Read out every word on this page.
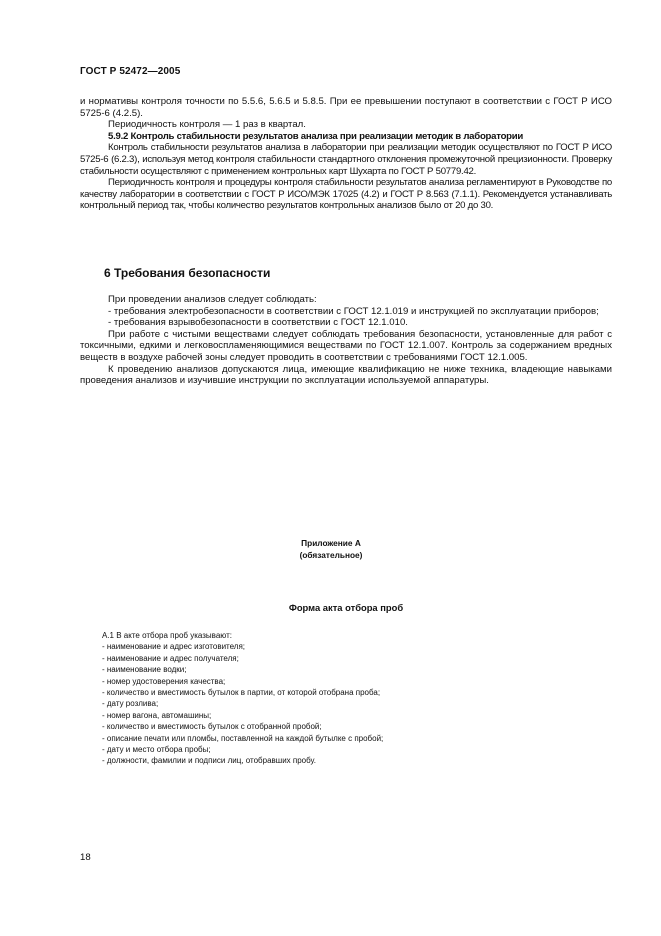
ГОСТ Р 52472—2005

и нормативы контроля точности по 5.5.6, 5.6.5 и 5.8.5. При ее превышении поступают в соответствии с ГОСТ Р ИСО 5725-6 (4.2.5).

Периодичность контроля — 1 раз в квартал.

5.9.2 Контроль стабильности результатов анализа при реализации методик в лаборатории

Контроль стабильности результатов анализа в лаборатории при реализации методик осуществляют по ГОСТ Р ИСО 5725-6 (6.2.3), используя метод контроля стабильности стандартного отклонения промежуточной прецизионности. Проверку стабильности осуществляют с применением контрольных карт Шухарта по ГОСТ Р 50779.42.

Периодичность контроля и процедуры контроля стабильности результатов анализа регламентируют в Руководстве по качеству лаборатории в соответствии с ГОСТ Р ИСО/МЭК 17025 (4.2) и ГОСТ Р 8.563 (7.1.1). Рекомендуется устанавливать контрольный период так, чтобы количество результатов контрольных анализов было от 20 до 30.

6 Требования безопасности

При проведении анализов следует соблюдать:

- требования электробезопасности в соответствии с ГОСТ 12.1.019 и инструкцией по эксплуатации приборов;

- требования взрывобезопасности в соответствии с ГОСТ 12.1.010.

При работе с чистыми веществами следует соблюдать требования безопасности, установленные для работ с токсичными, едкими и легковоспламеняющимися веществами по ГОСТ 12.1.007. Контроль за содержанием вредных веществ в воздухе рабочей зоны следует проводить в соответствии с требованиями ГОСТ 12.1.005.

К проведению анализов допускаются лица, имеющие квалификацию не ниже техника, владеющие навыками проведения анализов и изучившие инструкции по эксплуатации используемой аппаратуры.

Приложение А
(обязательное)
Форма акта отбора проб

А.1 В акте отбора проб указывают:

- наименование и адрес изготовителя;

- наименование и адрес получателя;

- наименование водки;

- номер удостоверения качества;

- количество и вместимость бутылок в партии, от которой отобрана проба;

- дату розлива;

- номер вагона, автомашины;

- количество и вместимость бутылок с отобранной пробой;

- описание печати или пломбы, поставленной на каждой бутылке с пробой;

- дату и место отбора пробы;

- должности, фамилии и подписи лиц, отобравших пробу.

18
